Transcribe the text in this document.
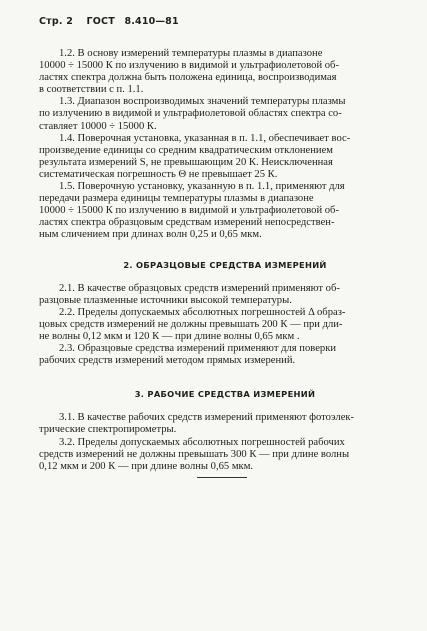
Стр. 2 ГОСТ 8.410—81
1.2. В основу измерений температуры плазмы в диапазоне
10000 ÷ 15000 К по излучению в видимой и ультрафиолетовой об-
ластях спектра должна быть положена единица, воспроизводимая
в соответствии с п. 1.1.
1.3. Диапазон воспроизводимых значений температуры плазмы
по излучению в видимой и ультрафиолетовой областях спектра со-
ставляет 10000 ÷ 15000 К.
1.4. Поверочная установка, указанная в п. 1.1, обеспечивает вос-
произведение единицы со средним квадратическим отклонением
результата измерений S, не превышающим 20 К. Неисключенная
систематическая погрешность Θ не превышает 25 К.
1.5. Поверочную установку, указанную в п. 1.1, применяют для
передачи размера единицы температуры плазмы в диапазоне
10000 ÷ 15000 К по излучению в видимой и ультрафиолетовой об-
ластях спектра образцовым средствам измерений непосредствен-
ным сличением при длинах волн 0,25 и 0,65 мкм.

2. ОБРАЗЦОВЫЕ СРЕДСТВА ИЗМЕРЕНИЙ

2.1. В качестве образцовых средств измерений применяют об-
разцовые плазменные источники высокой температуры.
2.2. Пределы допускаемых абсолютных погрешностей Δ образ-
цовых средств измерений не должны превышать 200 К — при дли-
не волны 0,12 мкм и 120 К — при длине волны 0,65 мкм .
2.3. Образцовые средства измерений применяют для поверки
рабочих средств измерений методом прямых измерений.

3. РАБОЧИЕ СРЕДСТВА ИЗМЕРЕНИЙ

3.1. В качестве рабочих средств измерений применяют фотоэлек-
трические спектропирометры.
3.2. Пределы допускаемых абсолютных погрешностей рабочих
средств измерений не должны превышать 300 К — при длине волны
0,12 мкм и 200 К — при длине волны 0,65 мкм.
